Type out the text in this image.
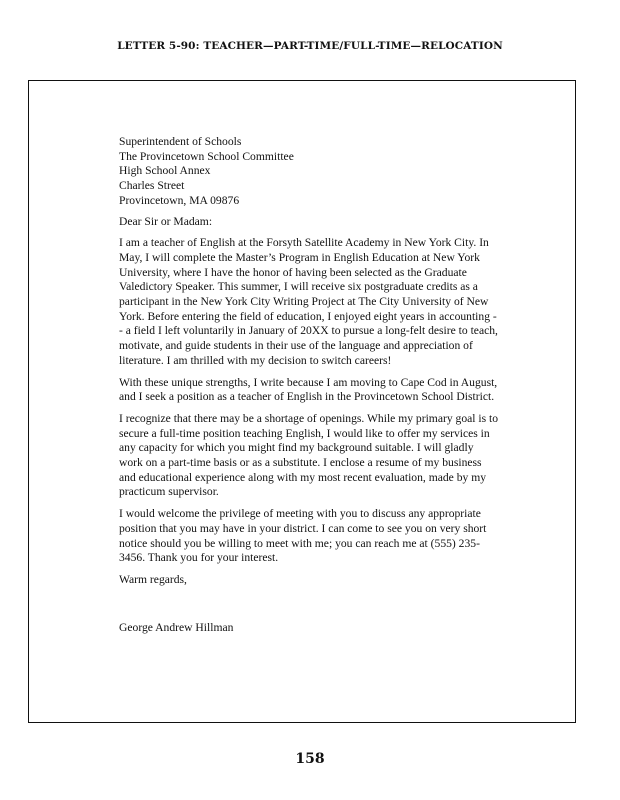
LETTER 5-90: TEACHER—PART-TIME/FULL-TIME—RELOCATION
Superintendent of Schools
The Provincetown School Committee
High School Annex
Charles Street
Provincetown, MA 09876
Dear Sir or Madam:
I am a teacher of English at the Forsyth Satellite Academy in New York City. In May, I will complete the Master’s Program in English Education at New York University, where I have the honor of having been selected as the Graduate Valedictory Speaker. This summer, I will receive six postgraduate credits as a participant in the New York City Writing Project at The City University of New York. Before entering the field of education, I enjoyed eight years in accounting -- a field I left voluntarily in January of 20XX to pursue a long-felt desire to teach, motivate, and guide students in their use of the language and appreciation of literature. I am thrilled with my decision to switch careers!
With these unique strengths, I write because I am moving to Cape Cod in August, and I seek a position as a teacher of English in the Provincetown School District.
I recognize that there may be a shortage of openings. While my primary goal is to secure a full-time position teaching English, I would like to offer my services in any capacity for which you might find my background suitable. I will gladly work on a part-time basis or as a substitute. I enclose a resume of my business and educational experience along with my most recent evaluation, made by my practicum supervisor.
I would welcome the privilege of meeting with you to discuss any appropriate position that you may have in your district. I can come to see you on very short notice should you be willing to meet with me; you can reach me at (555) 235-3456. Thank you for your interest.
Warm regards,
George Andrew Hillman
158
